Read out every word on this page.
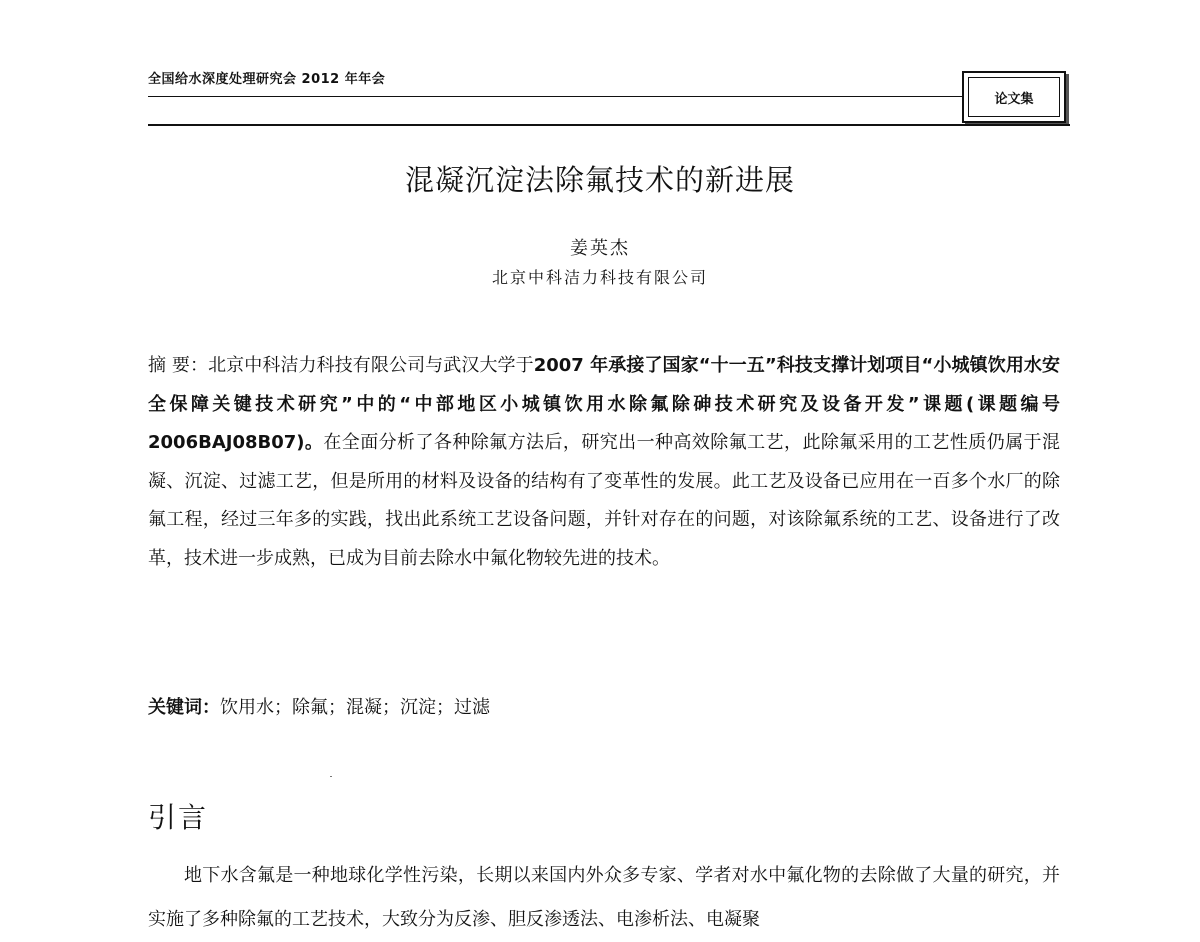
全国给水深度处理研究会 2012 年年会
论文集
混凝沉淀法除氟技术的新进展
姜英杰
北京中科洁力科技有限公司
摘 要：北京中科洁力科技有限公司与武汉大学于2007 年承接了国家“十一五”科技支撑计划项目“小城镇饮用水安全保障关键技术研究”中的“中部地区小城镇饮用水除氟除砷技术研究及设备开发”课题(课题编号 2006BAJ08B07)。在全面分析了各种除氟方法后，研究出一种高效除氟工艺，此除氟采用的工艺性质仍属于混凝、沉淀、过滤工艺，但是所用的材料及设备的结构有了变革性的发展。此工艺及设备已应用在一百多个水厂的除氟工程，经过三年多的实践，找出此系统工艺设备问题，并针对存在的问题，对该除氟系统的工艺、设备进行了改革，技术进一步成熟，已成为目前去除水中氟化物较先进的技术。
关键词：饮用水；除氟；混凝；沉淀；过滤
引言
地下水含氟是一种地球化学性污染，长期以来国内外众多专家、学者对水中氟化物的去除做了大量的研究，并实施了多种除氟的工艺技术，大致分为反渗、胆反渗透法、电渗析法、电凝聚
